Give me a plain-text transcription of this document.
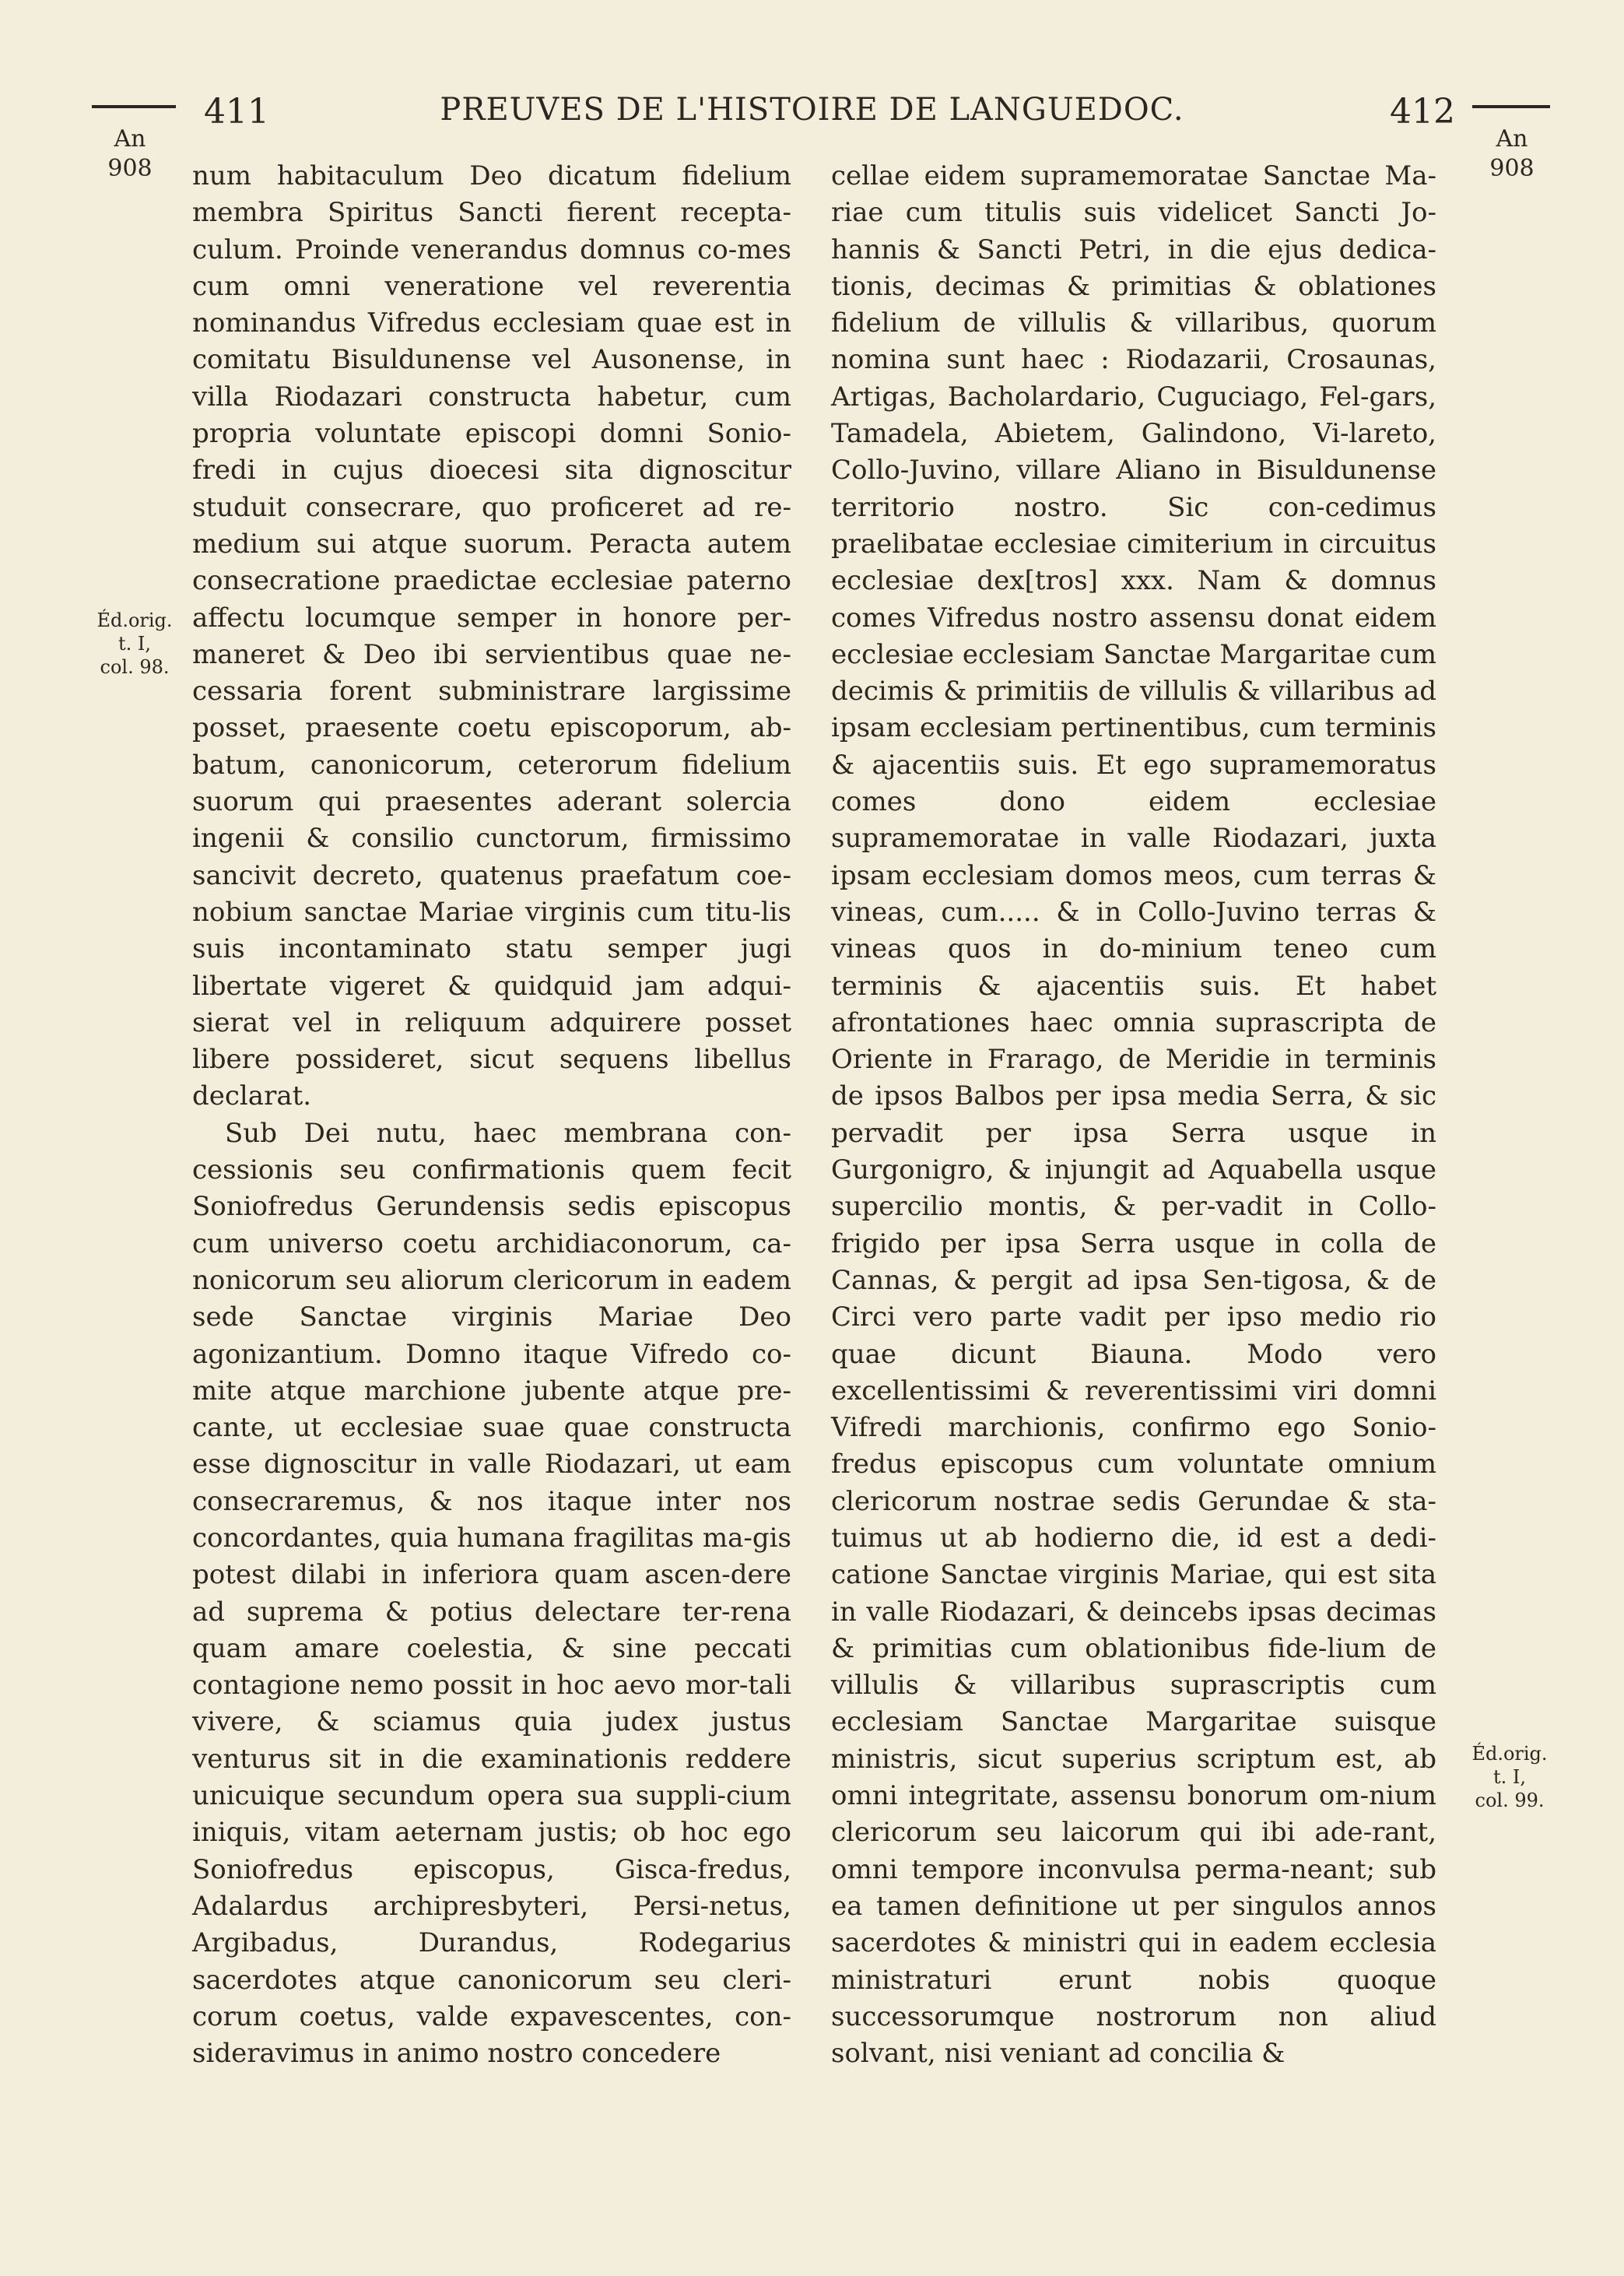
411	PREUVES DE L'HISTOIRE DE LANGUEDOC.	412
An
908
An
908
Éd.orig.
t. I,
col. 98.
Éd.orig.
t. I,
col. 99.

num habitaculum Deo dicatum fidelium membra Spiritus Sancti fierent recepta-culum. Proinde venerandus domnus co-mes cum omni veneratione vel reverentia nominandus Vifredus ecclesiam quae est in comitatu Bisuldunense vel Ausonense, in villa Riodazari constructa habetur, cum propria voluntate episcopi domni Sonio-fredi in cujus dioecesi sita dignoscitur studuit consecrare, quo proficeret ad re-medium sui atque suorum. Peracta autem consecratione praedictae ecclesiae paterno affectu locumque semper in honore per-maneret & Deo ibi servientibus quae ne-cessaria forent subministrare largissime posset, praesente coetu episcoporum, ab-batum, canonicorum, ceterorum fidelium suorum qui praesentes aderant solercia ingenii & consilio cunctorum, firmissimo sancivit decreto, quatenus praefatum coe-nobium sanctae Mariae virginis cum titu-lis suis incontaminato statu semper jugi libertate vigeret & quidquid jam adqui-sierat vel in reliquum adquirere posset libere possideret, sicut sequens libellus declarat.

Sub Dei nutu, haec membrana con-cessionis seu confirmationis quem fecit Soniofredus Gerundensis sedis episcopus cum universo coetu archidiaconorum, ca-nonicorum seu aliorum clericorum in eadem sede Sanctae virginis Mariae Deo agonizantium. Domno itaque Vifredo co-mite atque marchione jubente atque pre-cante, ut ecclesiae suae quae constructa esse dignoscitur in valle Riodazari, ut eam consecraremus, & nos itaque inter nos concordantes, quia humana fragilitas ma-gis potest dilabi in inferiora quam ascen-dere ad suprema & potius delectare ter-rena quam amare coelestia, & sine peccati contagione nemo possit in hoc aevo mor-tali vivere, & sciamus quia judex justus venturus sit in die examinationis reddere unicuique secundum opera sua suppli-cium iniquis, vitam aeternam justis; ob hoc ego Soniofredus episcopus, Gisca-fredus, Adalardus archipresbyteri, Persi-netus, Argibadus, Durandus, Rodegarius sacerdotes atque canonicorum seu cleri-corum coetus, valde expavescentes, con-sideravimus in animo nostro concedere

cellae eidem supramemoratae Sanctae Ma-riae cum titulis suis videlicet Sancti Jo-hannis & Sancti Petri, in die ejus dedica-tionis, decimas & primitias & oblationes fidelium de villulis & villaribus, quorum nomina sunt haec : Riodazarii, Crosaunas, Artigas, Bacholardario, Cuguciago, Fel-gars, Tamadela, Abietem, Galindono, Vi-lareto, Collo-Juvino, villare Aliano in Bisuldunense territorio nostro. Sic con-cedimus praelibatae ecclesiae cimiterium in circuitus ecclesiae dex[tros] xxx. Nam & domnus comes Vifredus nostro assensu donat eidem ecclesiae ecclesiam Sanctae Margaritae cum decimis & primitiis de villulis & villaribus ad ipsam ecclesiam pertinentibus, cum terminis & ajacentiis suis. Et ego supramemoratus comes dono eidem ecclesiae supramemoratae in valle Riodazari, juxta ipsam ecclesiam domos meos, cum terras & vineas, cum..... & in Collo-Juvino terras & vineas quos in do-minium teneo cum terminis & ajacentiis suis. Et habet afrontationes haec omnia suprascripta de Oriente in Frarago, de Meridie in terminis de ipsos Balbos per ipsa media Serra, & sic pervadit per ipsa Serra usque in Gurgonigro, & injungit ad Aquabella usque supercilio montis, & per-vadit in Collo-frigido per ipsa Serra usque in colla de Cannas, & pergit ad ipsa Sen-tigosa, & de Circi vero parte vadit per ipso medio rio quae dicunt Biauna. Modo vero excellentissimi & reverentissimi viri domni Vifredi marchionis, confirmo ego Sonio-fredus episcopus cum voluntate omnium clericorum nostrae sedis Gerundae & sta-tuimus ut ab hodierno die, id est a dedi-catione Sanctae virginis Mariae, qui est sita in valle Riodazari, & deincebs ipsas decimas & primitias cum oblationibus fide-lium de villulis & villaribus suprascriptis cum ecclesiam Sanctae Margaritae suisque ministris, sicut superius scriptum est, ab omni integritate, assensu bonorum om-nium clericorum seu laicorum qui ibi ade-rant, omni tempore inconvulsa perma-neant; sub ea tamen definitione ut per singulos annos sacerdotes & ministri qui in eadem ecclesia ministraturi erunt nobis quoque successorumque nostrorum non aliud solvant, nisi veniant ad concilia &
